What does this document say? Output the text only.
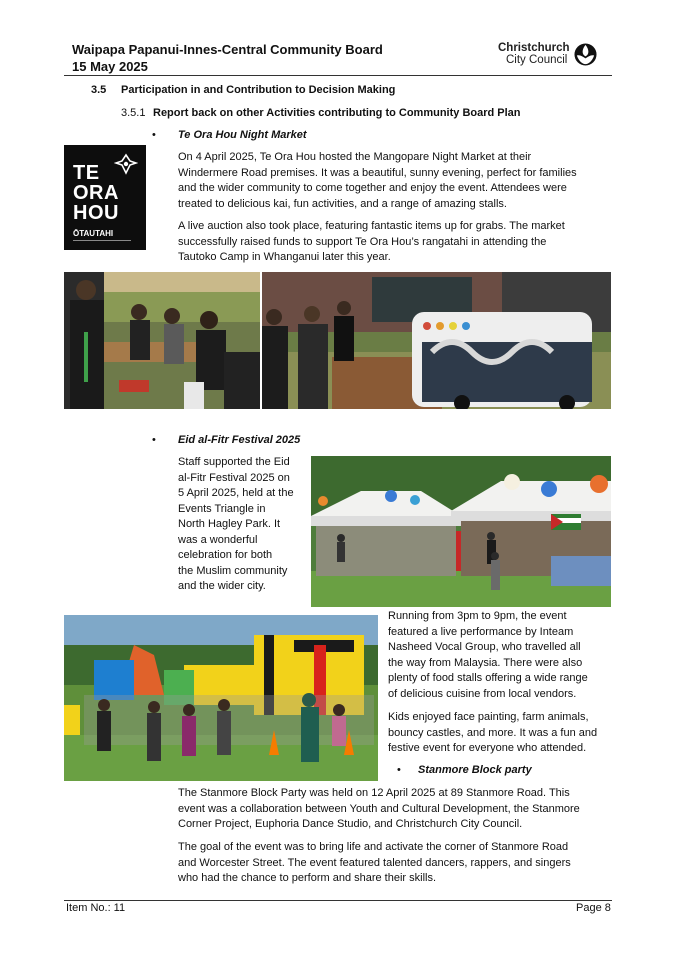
Waipapa Papanui-Innes-Central Community Board
15 May 2025
Christchurch
City Council
3.5 Participation in and Contribution to Decision Making
3.5.1 Report back on other Activities contributing to Community Board Plan
• Te Ora Hou Night Market
TE
ORA
HOU
ŌTAUTAHI
On 4 April 2025, Te Ora Hou hosted the Mangopare Night Market at their
Windermere Road premises. It was a beautiful, sunny evening, perfect for families
and the wider community to come together and enjoy the event. Attendees were
treated to delicious kai, fun activities, and a range of amazing stalls.
A live auction also took place, featuring fantastic items up for grabs. The market
successfully raised funds to support Te Ora Hou’s rangatahi in attending the
Tautoko Camp in Whanganui later this year.
• Eid al-Fitr Festival 2025
Staff supported the Eid
al-Fitr Festival 2025 on
5 April 2025, held at the
Events Triangle in
North Hagley Park. It
was a wonderful
celebration for both
the Muslim community
and the wider city.
Running from 3pm to 9pm, the event
featured a live performance by Inteam
Nasheed Vocal Group, who travelled all
the way from Malaysia. There were also
plenty of food stalls offering a wide range
of delicious cuisine from local vendors.
Kids enjoyed face painting, farm animals,
bouncy castles, and more. It was a fun and
festive event for everyone who attended.
• Stanmore Block party
The Stanmore Block Party was held on 12 April 2025 at 89 Stanmore Road. This
event was a collaboration between Youth and Cultural Development, the Stanmore
Corner Project, Euphoria Dance Studio, and Christchurch City Council.
The goal of the event was to bring life and activate the corner of Stanmore Road
and Worcester Street. The event featured talented dancers, rappers, and singers
who had the chance to perform and share their skills.
Item No.: 11	Page 8
